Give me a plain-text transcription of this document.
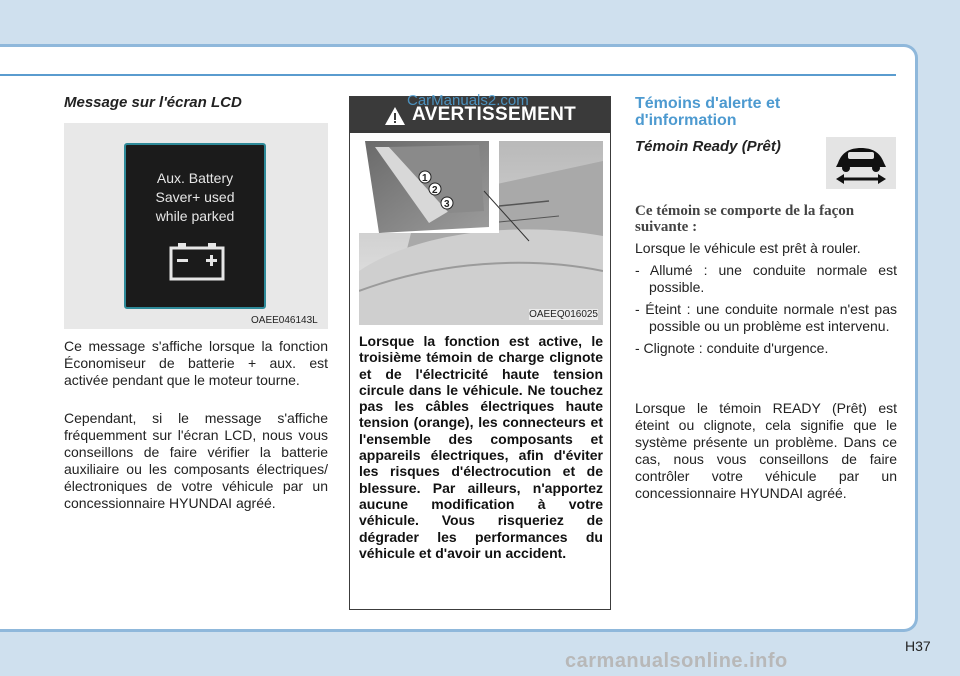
Message sur l'écran LCD
Aux. Battery
Saver+ used
while parked
OAEE046143L
Ce message s'affiche lorsque la fonction Économiseur de batterie + aux. est activée pendant que le moteur tourne.
Cependant, si le message s'affiche fréquemment sur l'écran LCD, nous vous conseillons de faire vérifier la batterie auxiliaire ou les composants électriques/électroniques de votre véhicule par un concessionnaire HYUNDAI agréé.
AVERTISSEMENT
1
2
3
OAEEQ016025
Lorsque la fonction est active, le troisième témoin de charge clignote et de l'électricité haute tension circule dans le véhicule. Ne touchez pas les câbles électriques haute tension (orange), les connecteurs et l'ensemble des composants et appareils électriques, afin d'éviter les risques d'électrocution et de blessure. Par ailleurs, n'apportez aucune modification à votre véhicule. Vous risqueriez de dégrader les performances du véhicule et d'avoir un accident.
CarManuals2.com	Témoins d'alerte et d'information
Témoin Ready (Prêt)
Ce témoin se comporte de la façon suivante :
Lorsque le véhicule est prêt à rouler.
- Allumé : une conduite normale est possible.
- Éteint : une conduite normale n'est pas possible ou un problème est intervenu.
- Clignote : conduite d'urgence.
Lorsque le témoin READY (Prêt) est éteint ou clignote, cela signifie que le système présente un problème. Dans ce cas, nous vous conseillons de faire contrôler votre véhicule par un concessionnaire HYUNDAI agréé.
H37
carmanualsonline.info
